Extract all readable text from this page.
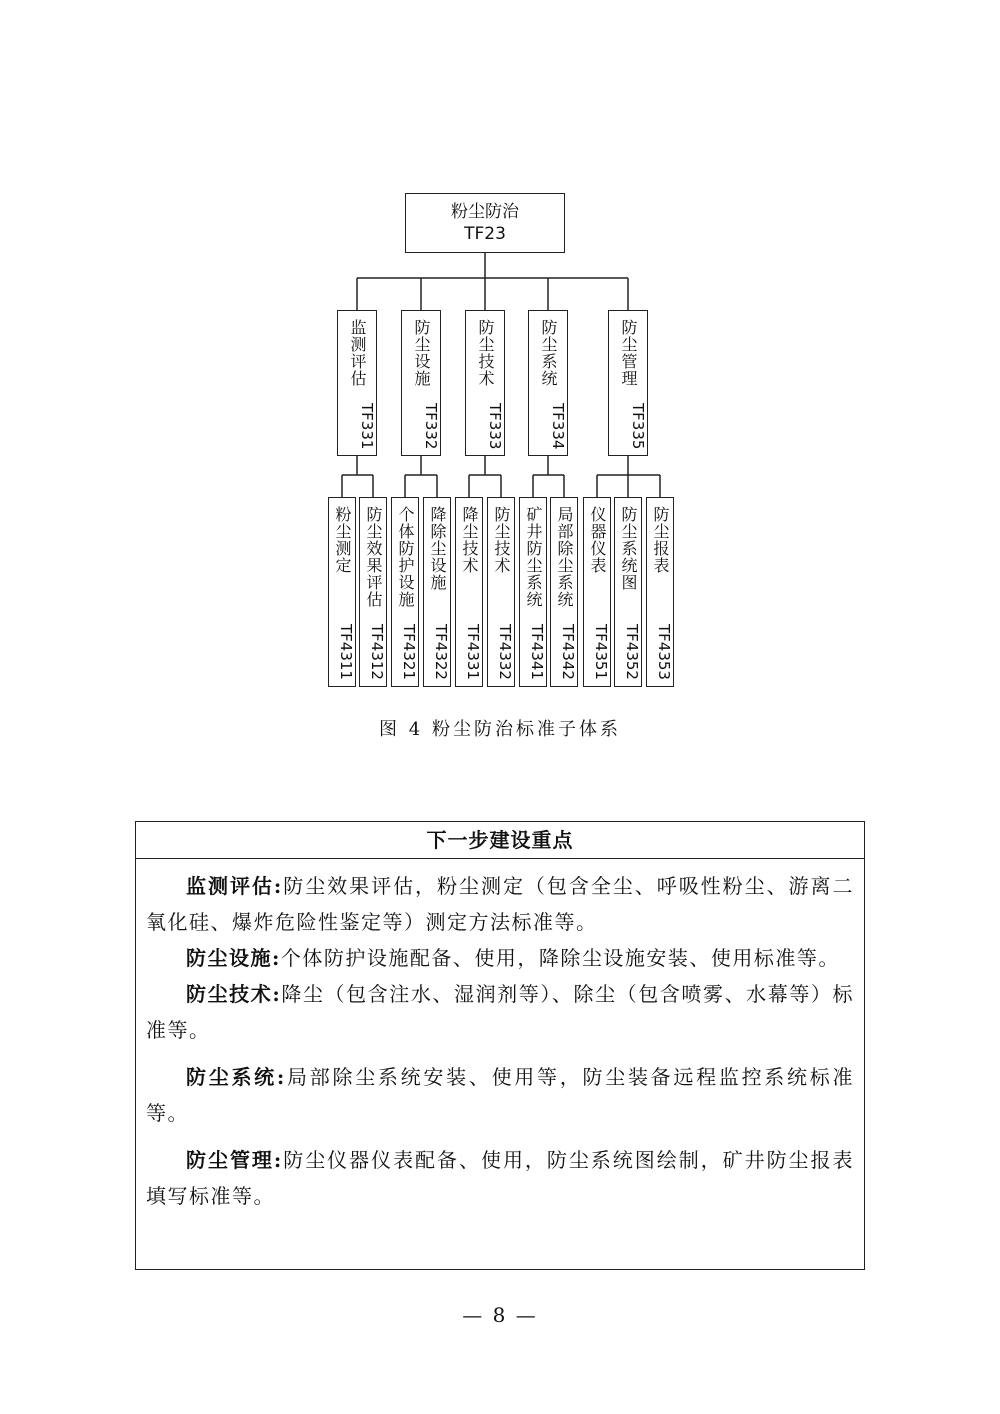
粉尘防治
TF23
监测评估
TF331
防尘设施
TF332
防尘技术
TF333
防尘系统
TF334
防尘管理
TF335
粉尘测定
TF4311
防尘效果评估
TF4312
个体防护设施
TF4321
降除尘设施
TF4322
降尘技术
TF4331
防尘技术
TF4332
矿井防尘系统
TF4341
局部除尘系统
TF4342
仪器仪表
TF4351
防尘系统图
TF4352
防尘报表
TF4353
图 4 粉尘防治标准子体系
下一步建设重点

监测评估:防尘效果评估，粉尘测定（包含全尘、呼吸性粉尘、游离二氧化硅、爆炸危险性鉴定等）测定方法标准等。

防尘设施:个体防护设施配备、使用，降除尘设施安装、使用标准等。

防尘技术:降尘（包含注水、湿润剂等）、除尘（包含喷雾、水幕等）标准等。

防尘系统:局部除尘系统安装、使用等，防尘装备远程监控系统标准等。

防尘管理:防尘仪器仪表配备、使用，防尘系统图绘制，矿井防尘报表填写标准等。

— 8 —
